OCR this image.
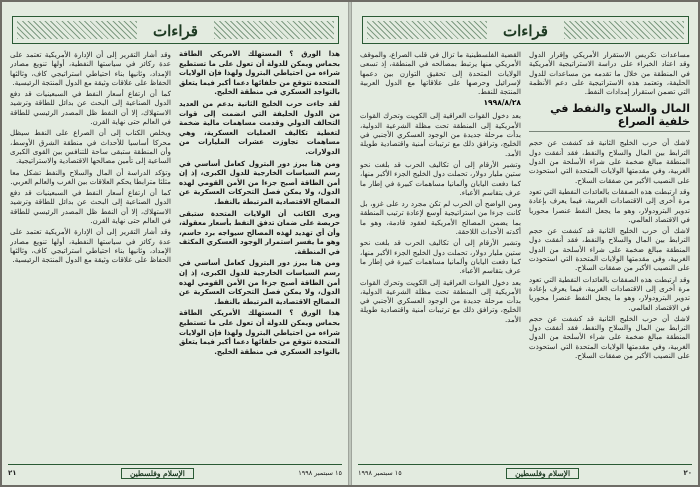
قراءات

هذا الورق ؟ المستهلك الأمريكي الطاقة بحماس ويمكن للدولة أن تعول على ما تستطيع شراءه من احتياطي البترول ولهذا فإن الولايات المتحدة تتوقع من حلفائها دعما أكبر فيما يتعلق بالتواجد العسكري في منطقة الخليج.

لقد جاءت حرب الخليج الثانية بدعم من العديد من الدول الحليفة التي انضمت إلى قوات التحالف الدولي وقدمت مساهمات مالية ضخمة لتغطية تكاليف العمليات العسكرية، وهي مساهمات تجاوزت عشرات المليارات من الدولارات.

ومن هنا يبرز دور البترول كعامل أساسي في رسم السياسات الخارجية للدول الكبرى، إذ إن أمن الطاقة أصبح جزءا من الأمن القومي لهذه الدول، ولا يمكن فصل التحركات العسكرية عن المصالح الاقتصادية المرتبطة بالنفط.

ويرى الكاتب أن الولايات المتحدة ستبقى حريصة على ضمان تدفق النفط بأسعار معقولة، وأن أي تهديد لهذه المصالح سيواجه برد حاسم، وهو ما يفسر استمرار الوجود العسكري المكثف في المنطقة.

ومن هنا يبرز دور البترول كعامل أساسي في رسم السياسات الخارجية للدول الكبرى، إذ إن أمن الطاقة أصبح جزءا من الأمن القومي لهذه الدول، ولا يمكن فصل التحركات العسكرية عن المصالح الاقتصادية المرتبطة بالنفط.

هذا الورق ؟ المستهلك الأمريكي الطاقة بحماس ويمكن للدولة أن تعول على ما تستطيع شراءه من احتياطي البترول ولهذا فإن الولايات المتحدة تتوقع من حلفائها دعما أكبر فيما يتعلق بالتواجد العسكري في منطقة الخليج.

وقد أشار التقرير إلى أن الإدارة الأمريكية تعتمد على عدة ركائز في سياستها النفطية، أولها تنويع مصادر الإمداد، وثانيها بناء احتياطي استراتيجي كاف، وثالثها الحفاظ على علاقات وثيقة مع الدول المنتجة الرئيسية.

كما أن ارتفاع أسعار النفط في السبعينيات قد دفع الدول الصناعية إلى البحث عن بدائل للطاقة وترشيد الاستهلاك، إلا أن النفط ظل المصدر الرئيسي للطاقة في العالم حتى نهاية القرن.

ويخلص الكتاب إلى أن الصراع على النفط سيظل محركا أساسيا للأحداث في منطقة الشرق الأوسط، وأن المنطقة ستبقى ساحة للتنافس بين القوى الكبرى الساعية إلى تأمين مصالحها الاقتصادية والاستراتيجية.

وتؤكد الدراسة أن المال والسلاح والنفط تشكل معا مثلثا مترابطا يحكم العلاقات بين الغرب والعالم العربي.

كما أن ارتفاع أسعار النفط في السبعينيات قد دفع الدول الصناعية إلى البحث عن بدائل للطاقة وترشيد الاستهلاك، إلا أن النفط ظل المصدر الرئيسي للطاقة في العالم حتى نهاية القرن.

وقد أشار التقرير إلى أن الإدارة الأمريكية تعتمد على عدة ركائز في سياستها النفطية، أولها تنويع مصادر الإمداد، وثانيها بناء احتياطي استراتيجي كاف، وثالثها الحفاظ على علاقات وثيقة مع الدول المنتجة الرئيسية.

٢١	الإسلام وفلسطين	١٥ سبتمبر ١٩٩٨
قراءات

مساعدات تكريس الاستقرار الأمريكي وإقرار الدول وقد اعتاد الخبراء على دراسة الاستراتيجية الأمريكية في المنطقة من خلال ما تقدمه من مساعدات للدول الحليفة، وتعتمد هذه الاستراتيجية على دعم الأنظمة التي تضمن استقرار إمدادات النفط.

المال والسلاح والنفط في خلفية الصراع

لاشك أن حرب الخليج الثانية قد كشفت عن حجم الترابط بين المال والسلاح والنفط، فقد أنفقت دول المنطقة مبالغ ضخمة على شراء الأسلحة من الدول الغربية، وفي مقدمتها الولايات المتحدة التي استحوذت على النصيب الأكبر من صفقات السلاح.

وقد ارتبطت هذه الصفقات بالعائدات النفطية التي تعود مرة أخرى إلى الاقتصادات الغربية، فيما يعرف بإعادة تدوير البترودولار، وهو ما يجعل النفط عنصرا محوريا في الاقتصاد العالمي.

لاشك أن حرب الخليج الثانية قد كشفت عن حجم الترابط بين المال والسلاح والنفط، فقد أنفقت دول المنطقة مبالغ ضخمة على شراء الأسلحة من الدول الغربية، وفي مقدمتها الولايات المتحدة التي استحوذت على النصيب الأكبر من صفقات السلاح.

وقد ارتبطت هذه الصفقات بالعائدات النفطية التي تعود مرة أخرى إلى الاقتصادات الغربية، فيما يعرف بإعادة تدوير البترودولار، وهو ما يجعل النفط عنصرا محوريا في الاقتصاد العالمي.

لاشك أن حرب الخليج الثانية قد كشفت عن حجم الترابط بين المال والسلاح والنفط، فقد أنفقت دول المنطقة مبالغ ضخمة على شراء الأسلحة من الدول الغربية، وفي مقدمتها الولايات المتحدة التي استحوذت على النصيب الأكبر من صفقات السلاح.

القضية الفلسطينية ما تزال في قلب الصراع، والموقف الأمريكي منها يرتبط بمصالحه في المنطقة، إذ تسعى الولايات المتحدة إلى تحقيق التوازن بين دعمها لإسرائيل وحرصها على علاقاتها مع الدول العربية المنتجة للنفط.

١٩٩٨/٨/٢٨

بعد دخول القوات العراقية إلى الكويت وتحرك القوات الأمريكية إلى المنطقة تحت مظلة الشرعية الدولية، بدأت مرحلة جديدة من الوجود العسكري الأجنبي في الخليج، وترافق ذلك مع ترتيبات أمنية واقتصادية طويلة الأمد.

وتشير الأرقام إلى أن تكاليف الحرب قد بلغت نحو ستين مليار دولار، تحملت دول الخليج الجزء الأكبر منها، كما دفعت اليابان وألمانيا مساهمات كبيرة في إطار ما عرف بتقاسم الأعباء.

ومن الواضح أن الحرب لم تكن مجرد رد على غزو، بل كانت جزءا من استراتيجية أوسع لإعادة ترتيب المنطقة بما يضمن المصالح الأمريكية لعقود قادمة، وهو ما أكدته الأحداث اللاحقة.

وتشير الأرقام إلى أن تكاليف الحرب قد بلغت نحو ستين مليار دولار، تحملت دول الخليج الجزء الأكبر منها، كما دفعت اليابان وألمانيا مساهمات كبيرة في إطار ما عرف بتقاسم الأعباء.

بعد دخول القوات العراقية إلى الكويت وتحرك القوات الأمريكية إلى المنطقة تحت مظلة الشرعية الدولية، بدأت مرحلة جديدة من الوجود العسكري الأجنبي في الخليج، وترافق ذلك مع ترتيبات أمنية واقتصادية طويلة الأمد.

١٥ سبتمبر ١٩٩٨	الإسلام وفلسطين	٢٠
